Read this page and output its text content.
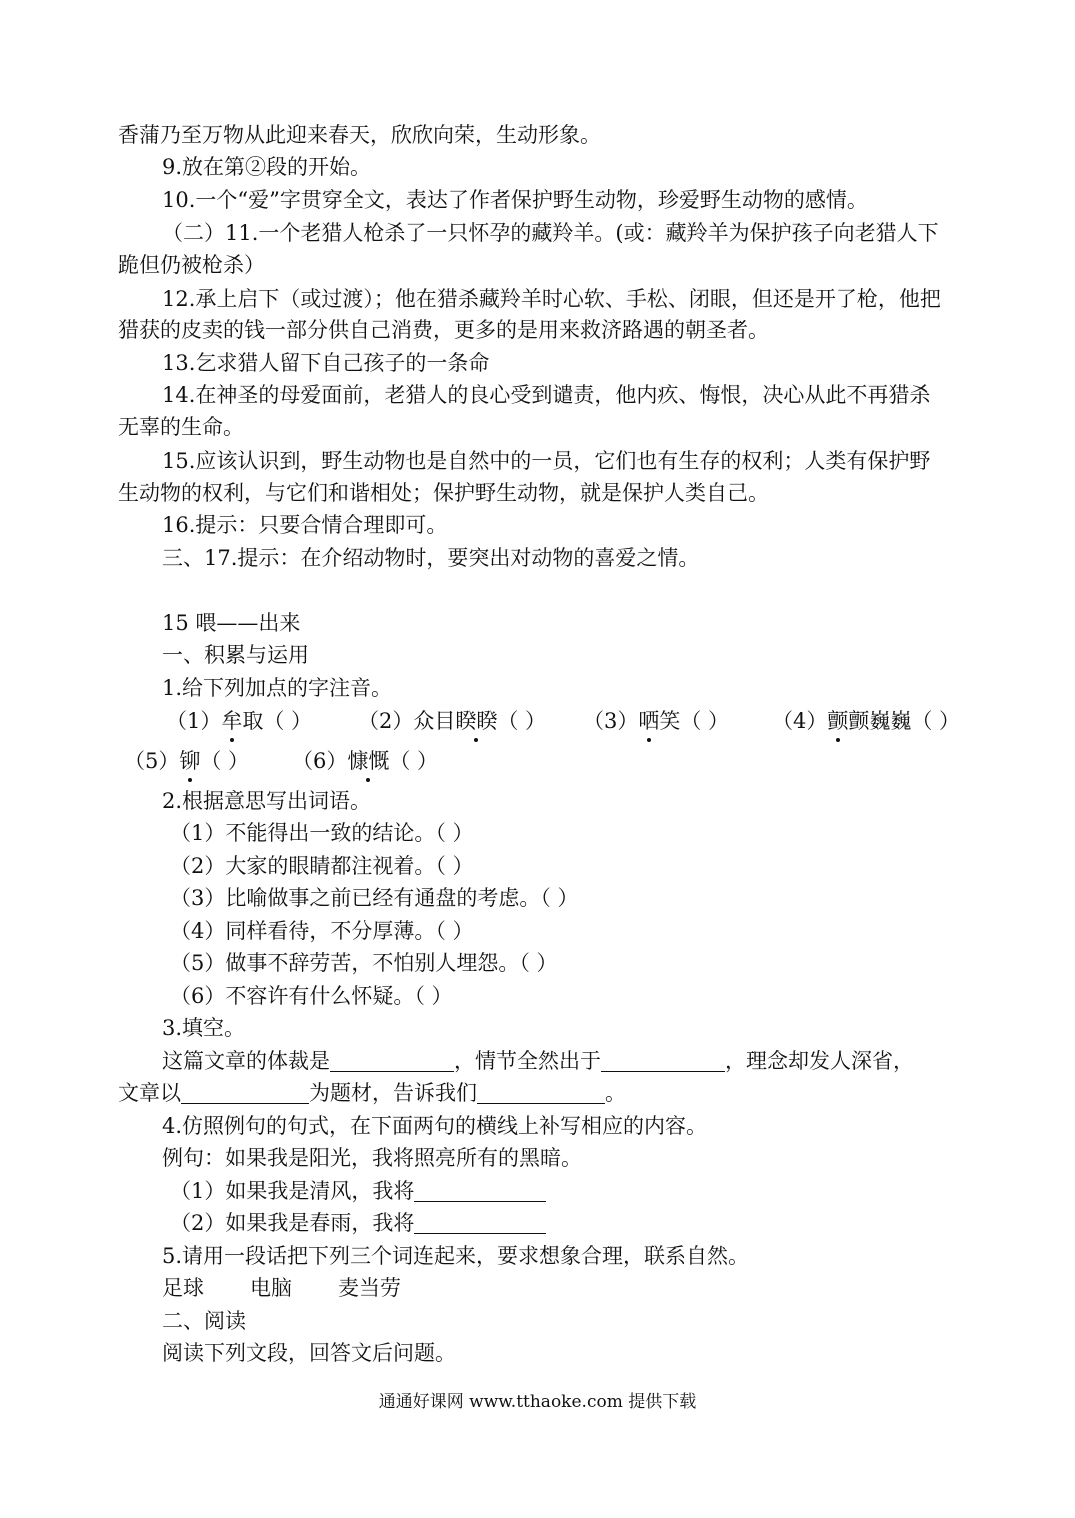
香蒲乃至万物从此迎来春天，欣欣向荣，生动形象。
9.放在第②段的开始。
10.一个“爱”字贯穿全文，表达了作者保护野生动物，珍爱野生动物的感情。
（二）11.一个老猎人枪杀了一只怀孕的藏羚羊。(或：藏羚羊为保护孩子向老猎人下
跪但仍被枪杀）
12.承上启下（或过渡）；他在猎杀藏羚羊时心软、手松、闭眼，但还是开了枪，他把
猎获的皮卖的钱一部分供自己消费，更多的是用来救济路遇的朝圣者。
13.乞求猎人留下自己孩子的一条命
14.在神圣的母爱面前，老猎人的良心受到谴责，他内疚、悔恨，决心从此不再猎杀
无辜的生命。
15.应该认识到，野生动物也是自然中的一员，它们也有生存的权利；人类有保护野
生动物的权利，与它们和谐相处；保护野生动物，就是保护人类自己。
16.提示：只要合情合理即可。
三、17.提示：在介绍动物时，要突出对动物的喜爱之情。
15 喂——出来
一、积累与运用
1.给下列加点的字注音。
（1）牟取（ ） （2）众目睽睽（ ） （3）哂笑（ ） （4）颤颤巍巍（ ）
（5）铆（ ） （6）慷慨（ ）
2.根据意思写出词语。
（1）不能得出一致的结论。（ ）
（2）大家的眼睛都注视着。（ ）
（3）比喻做事之前已经有通盘的考虑。（ ）
（4）同样看待，不分厚薄。（ ）
（5）做事不辞劳苦，不怕别人埋怨。（ ）
（6）不容许有什么怀疑。（ ）
3.填空。
这篇文章的体裁是	，情节全然出于	，理念却发人深省，
文章以	为题材，告诉我们	。
4.仿照例句的句式，在下面两句的横线上补写相应的内容。
例句：如果我是阳光，我将照亮所有的黑暗。
（1）如果我是清风，我将
（2）如果我是春雨，我将
5.请用一段话把下列三个词连起来，要求想象合理，联系自然。
足球 电脑 麦当劳
二、阅读
阅读下列文段，回答文后问题。
通通好课网 www.tthaoke.com 提供下载
